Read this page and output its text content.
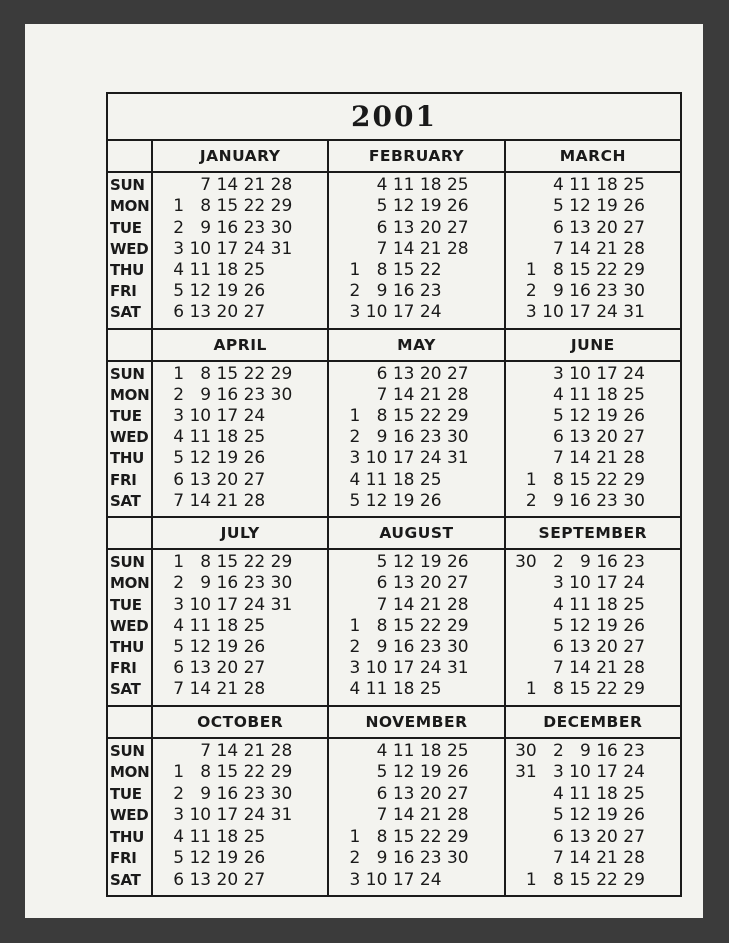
2001
SUN
MON
TUE
WED
THU
FRI
SAT
JANUARY
7 14 21 28
1 8 15 22 29
2 9 16 23 30
3 10 17 24 31
4 11 18 25
5 12 19 26
6 13 20 27
FEBRUARY
4 11 18 25
5 12 19 26
6 13 20 27
7 14 21 28
1 8 15 22
2 9 16 23
3 10 17 24
MARCH
4 11 18 25
5 12 19 26
6 13 20 27
7 14 21 28
1 8 15 22 29
2 9 16 23 30
3 10 17 24 31
SUN
MON
TUE
WED
THU
FRI
SAT
APRIL
1 8 15 22 29
2 9 16 23 30
3 10 17 24
4 11 18 25
5 12 19 26
6 13 20 27
7 14 21 28
MAY
6 13 20 27
7 14 21 28
1 8 15 22 29
2 9 16 23 30
3 10 17 24 31
4 11 18 25
5 12 19 26
JUNE
3 10 17 24
4 11 18 25
5 12 19 26
6 13 20 27
7 14 21 28
1 8 15 22 29
2 9 16 23 30
SUN
MON
TUE
WED
THU
FRI
SAT
JULY
1 8 15 22 29
2 9 16 23 30
3 10 17 24 31
4 11 18 25
5 12 19 26
6 13 20 27
7 14 21 28
AUGUST
5 12 19 26
6 13 20 27
7 14 21 28
1 8 15 22 29
2 9 16 23 30
3 10 17 24 31
4 11 18 25
SEPTEMBER
30 2 9 16 23
3 10 17 24
4 11 18 25
5 12 19 26
6 13 20 27
7 14 21 28
1 8 15 22 29
SUN
MON
TUE
WED
THU
FRI
SAT
OCTOBER
7 14 21 28
1 8 15 22 29
2 9 16 23 30
3 10 17 24 31
4 11 18 25
5 12 19 26
6 13 20 27
NOVEMBER
4 11 18 25
5 12 19 26
6 13 20 27
7 14 21 28
1 8 15 22 29
2 9 16 23 30
3 10 17 24
DECEMBER
30 2 9 16 23
31 3 10 17 24
4 11 18 25
5 12 19 26
6 13 20 27
7 14 21 28
1 8 15 22 29
